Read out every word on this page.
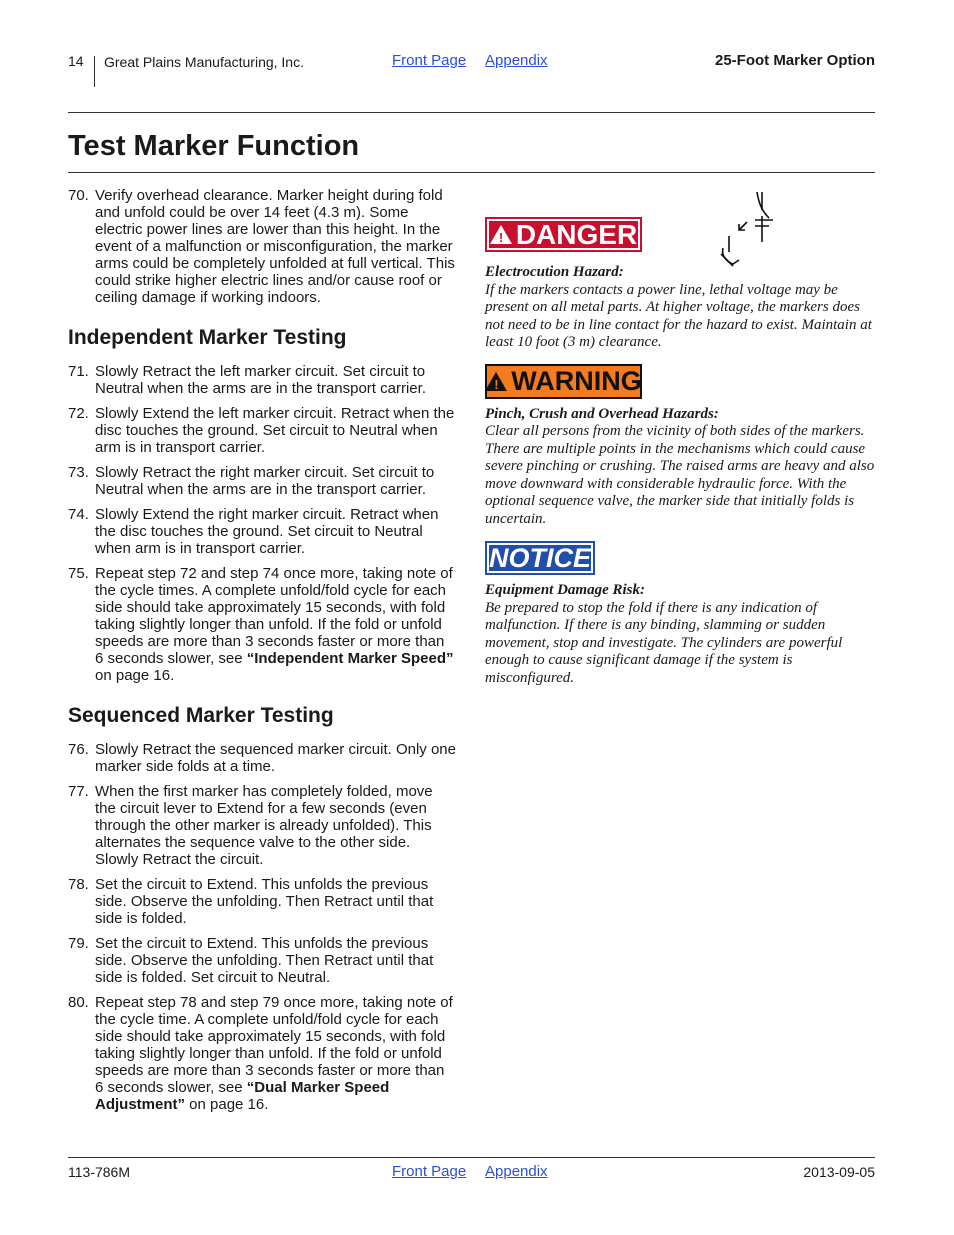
14 Great Plains Manufacturing, Inc.	Front Page Appendix	25-Foot Marker Option
Test Marker Function
70. Verify overhead clearance. Marker height during fold and unfold could be over 14 feet (4.3 m). Some electric power lines are lower than this height. In the event of a malfunction or misconfiguration, the marker arms could be completely unfolded at full vertical. This could strike higher electric lines and/or cause roof or ceiling damage if working indoors.
Independent Marker Testing
71. Slowly Retract the left marker circuit. Set circuit to Neutral when the arms are in the transport carrier.
72. Slowly Extend the left marker circuit. Retract when the disc touches the ground. Set circuit to Neutral when arm is in transport carrier.
73. Slowly Retract the right marker circuit. Set circuit to Neutral when the arms are in the transport carrier.
74. Slowly Extend the right marker circuit. Retract when the disc touches the ground. Set circuit to Neutral when arm is in transport carrier.
75. Repeat step 72 and step 74 once more, taking note of the cycle times. A complete unfold/fold cycle for each side should take approximately 15 seconds, with fold taking slightly longer than unfold. If the fold or unfold speeds are more than 3 seconds faster or more than 6 seconds slower, see “Independent Marker Speed” on page 16.
Sequenced Marker Testing
76. Slowly Retract the sequenced marker circuit. Only one marker side folds at a time.
77. When the first marker has completely folded, move the circuit lever to Extend for a few seconds (even through the other marker is already unfolded). This alternates the sequence valve to the other side. Slowly Retract the circuit.
78. Set the circuit to Extend. This unfolds the previous side. Observe the unfolding. Then Retract until that side is folded.
79. Set the circuit to Extend. This unfolds the previous side. Observe the unfolding. Then Retract until that side is folded. Set circuit to Neutral.
80. Repeat step 78 and step 79 once more, taking note of the cycle time. A complete unfold/fold cycle for each side should take approximately 15 seconds, with fold taking slightly longer than unfold. If the fold or unfold speeds are more than 3 seconds faster or more than 6 seconds slower, see “Dual Marker Speed Adjustment” on page 16.
! DANGER
Electrocution Hazard:
If the markers contacts a power line, lethal voltage may be present on all metal parts. At higher voltage, the markers does not need to be in line contact for the hazard to exist. Maintain at least 10 foot (3 m) clearance.
! WARNING
Pinch, Crush and Overhead Hazards:
Clear all persons from the vicinity of both sides of the markers. There are multiple points in the mechanisms which could cause severe pinching or crushing. The raised arms are heavy and also move downward with considerable hydraulic force. With the optional sequence valve, the marker side that initially folds is uncertain.
NOTICE
Equipment Damage Risk:
Be prepared to stop the fold if there is any indication of malfunction. If there is any binding, slamming or sudden movement, stop and investigate. The cylinders are powerful enough to cause significant damage if the system is misconfigured.
113-786M	Front Page Appendix	2013-09-05
